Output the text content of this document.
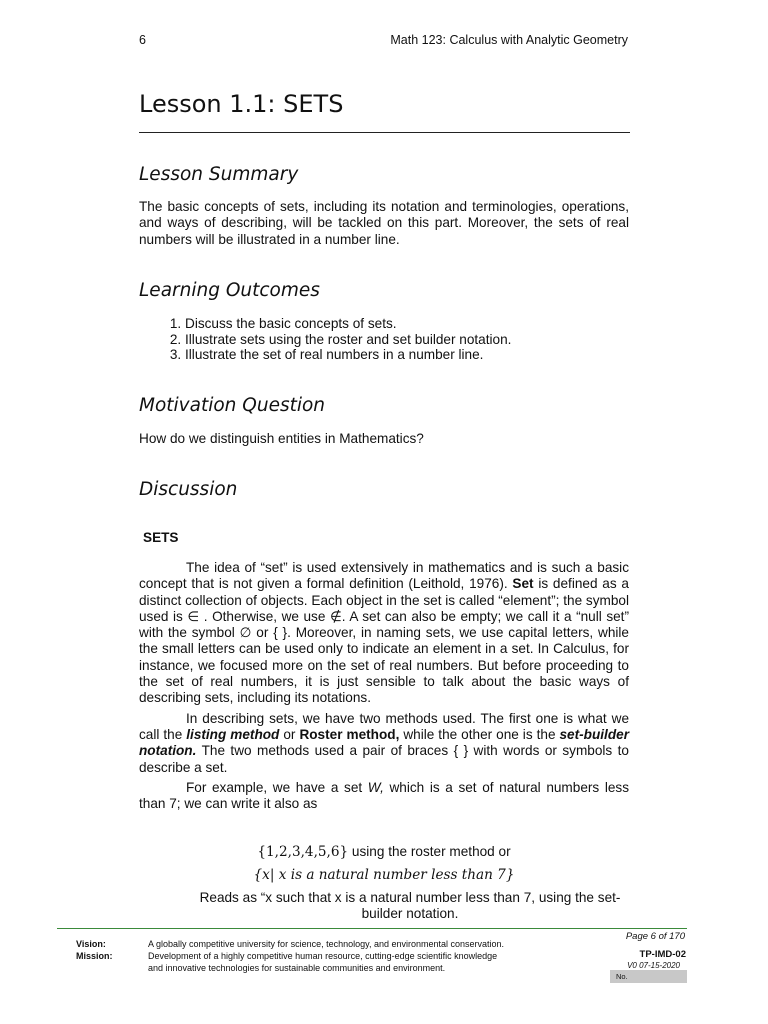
6	Math 123: Calculus with Analytic Geometry
Lesson 1.1: SETS
Lesson Summary
The basic concepts of sets, including its notation and terminologies, operations, and ways of describing, will be tackled on this part. Moreover, the sets of real numbers will be illustrated in a number line.
Learning Outcomes
1. Discuss the basic concepts of sets.
2. Illustrate sets using the roster and set builder notation.
3. Illustrate the set of real numbers in a number line.
Motivation Question
How do we distinguish entities in Mathematics?
Discussion
SETS

The idea of “set” is used extensively in mathematics and is such a basic concept that is not given a formal definition (Leithold, 1976). Set is defined as a distinct collection of objects. Each object in the set is called “element”; the symbol used is ∈ . Otherwise, we use ∉. A set can also be empty; we call it a “null set” with the symbol ∅ or { }. Moreover, in naming sets, we use capital letters, while the small letters can be used only to indicate an element in a set. In Calculus, for instance, we focused more on the set of real numbers. But before proceeding to the set of real numbers, it is just sensible to talk about the basic ways of describing sets, including its notations.

In describing sets, we have two methods used. The first one is what we call the listing method or Roster method, while the other one is the set-builder notation. The two methods used a pair of braces { } with words or symbols to describe a set.

For example, we have a set W, which is a set of natural numbers less than 7; we can write it also as

{1,2,3,4,5,6} using the roster method or
{x| x is a natural number less than 7}
Reads as “x such that x is a natural number less than 7, using the set-builder notation.
Vision:
Mission:
A globally competitive university for science, technology, and environmental conservation.
Development of a highly competitive human resource, cutting-edge scientific knowledge
and innovative technologies for sustainable communities and environment.
Page 6 of 170
TP-IMD-02
V0 07-15-2020
No.
